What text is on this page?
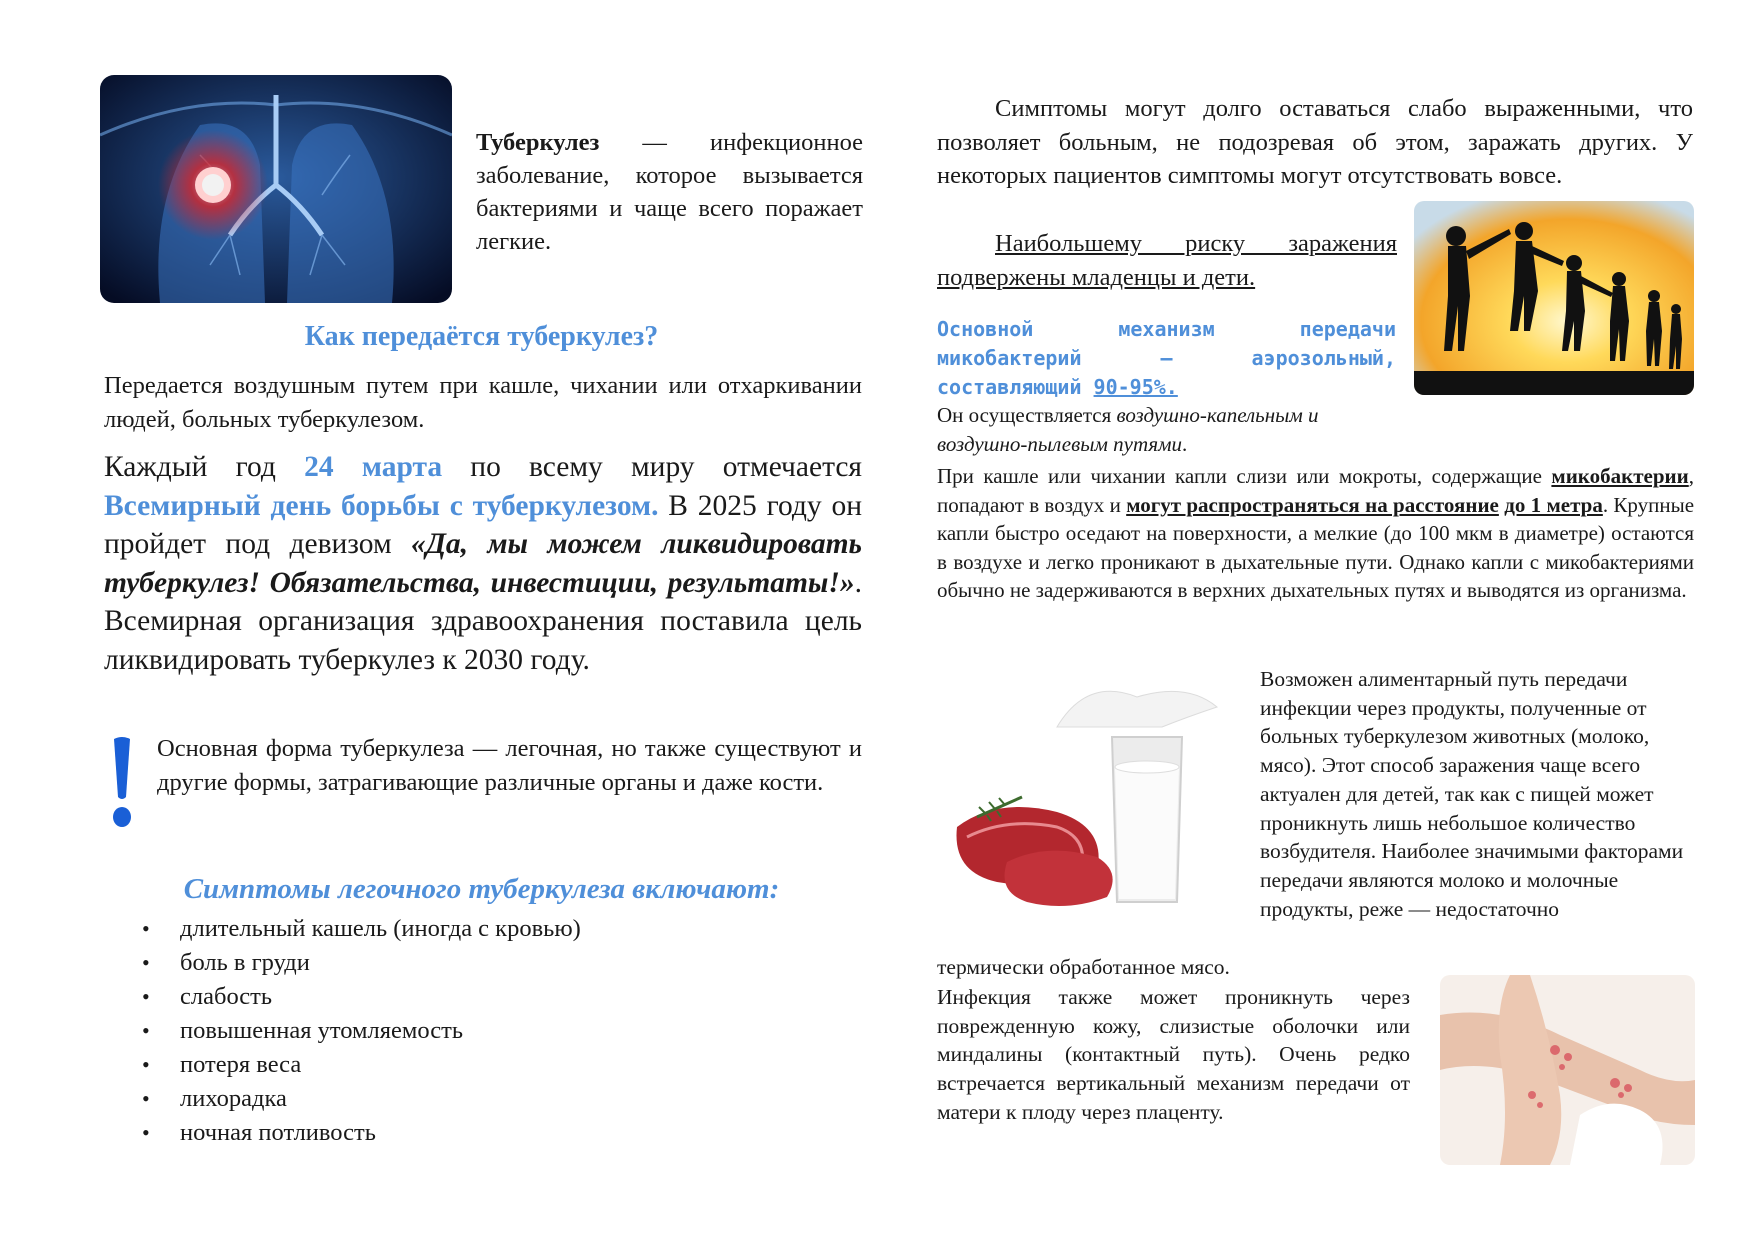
Туберкулез — инфекционное заболевание, которое вызывается бактериями и чаще всего поражает легкие.

Как передаётся туберкулез?

Передается воздушным путем при кашле, чихании или отхаркивании людей, больных туберкулезом.

Каждый год 24 марта по всему миру отмечается Всемирный день борьбы с туберкулезом. В 2025 году он пройдет под девизом «Да, мы можем ликвидировать туберкулез! Обязательства, инвестиции, результаты!». Всемирная организация здравоохранения поставила цель ликвидировать туберкулез к 2030 году.

Основная форма туберкулеза — легочная, но также существуют и другие формы, затрагивающие различные органы и даже кости.

Симптомы легочного туберкулеза включают:
• длительный кашель (иногда с кровью)
• боль в груди
• слабость
• повышенная утомляемость
• потеря веса
• лихорадка
• ночная потливость

Симптомы могут долго оставаться слабо выраженными, что позволяет больным, не подозревая об этом, заражать других. У некоторых пациентов симптомы могут отсутствовать вовсе.

Наибольшему риску заражения подвержены младенцы и дети.

Основной механизм передачи микобактерий — аэрозольный, составляющий 90-95%.

Он осуществляется воздушно-капельным и воздушно-пылевым путями.

При кашле или чихании капли слизи или мокроты, содержащие микобактерии, попадают в воздух и могут распространяться на расстояние до 1 метра. Крупные капли быстро оседают на поверхности, а мелкие (до 100 мкм в диаметре) остаются в воздухе и легко проникают в дыхательные пути. Однако капли с микобактериями обычно не задерживаются в верхних дыхательных путях и выводятся из организма.

Возможен алиментарный путь передачи инфекции через продукты, полученные от больных туберкулезом животных (молоко, мясо). Этот способ заражения чаще всего актуален для детей, так как с пищей может проникнуть лишь небольшое количество возбудителя. Наиболее значимыми факторами передачи являются молоко и молочные продукты, реже — недостаточно

термически обработанное мясо.

Инфекция также может проникнуть через поврежденную кожу, слизистые оболочки или миндалины (контактный путь). Очень редко встречается вертикальный механизм передачи от матери к плоду через плаценту.
